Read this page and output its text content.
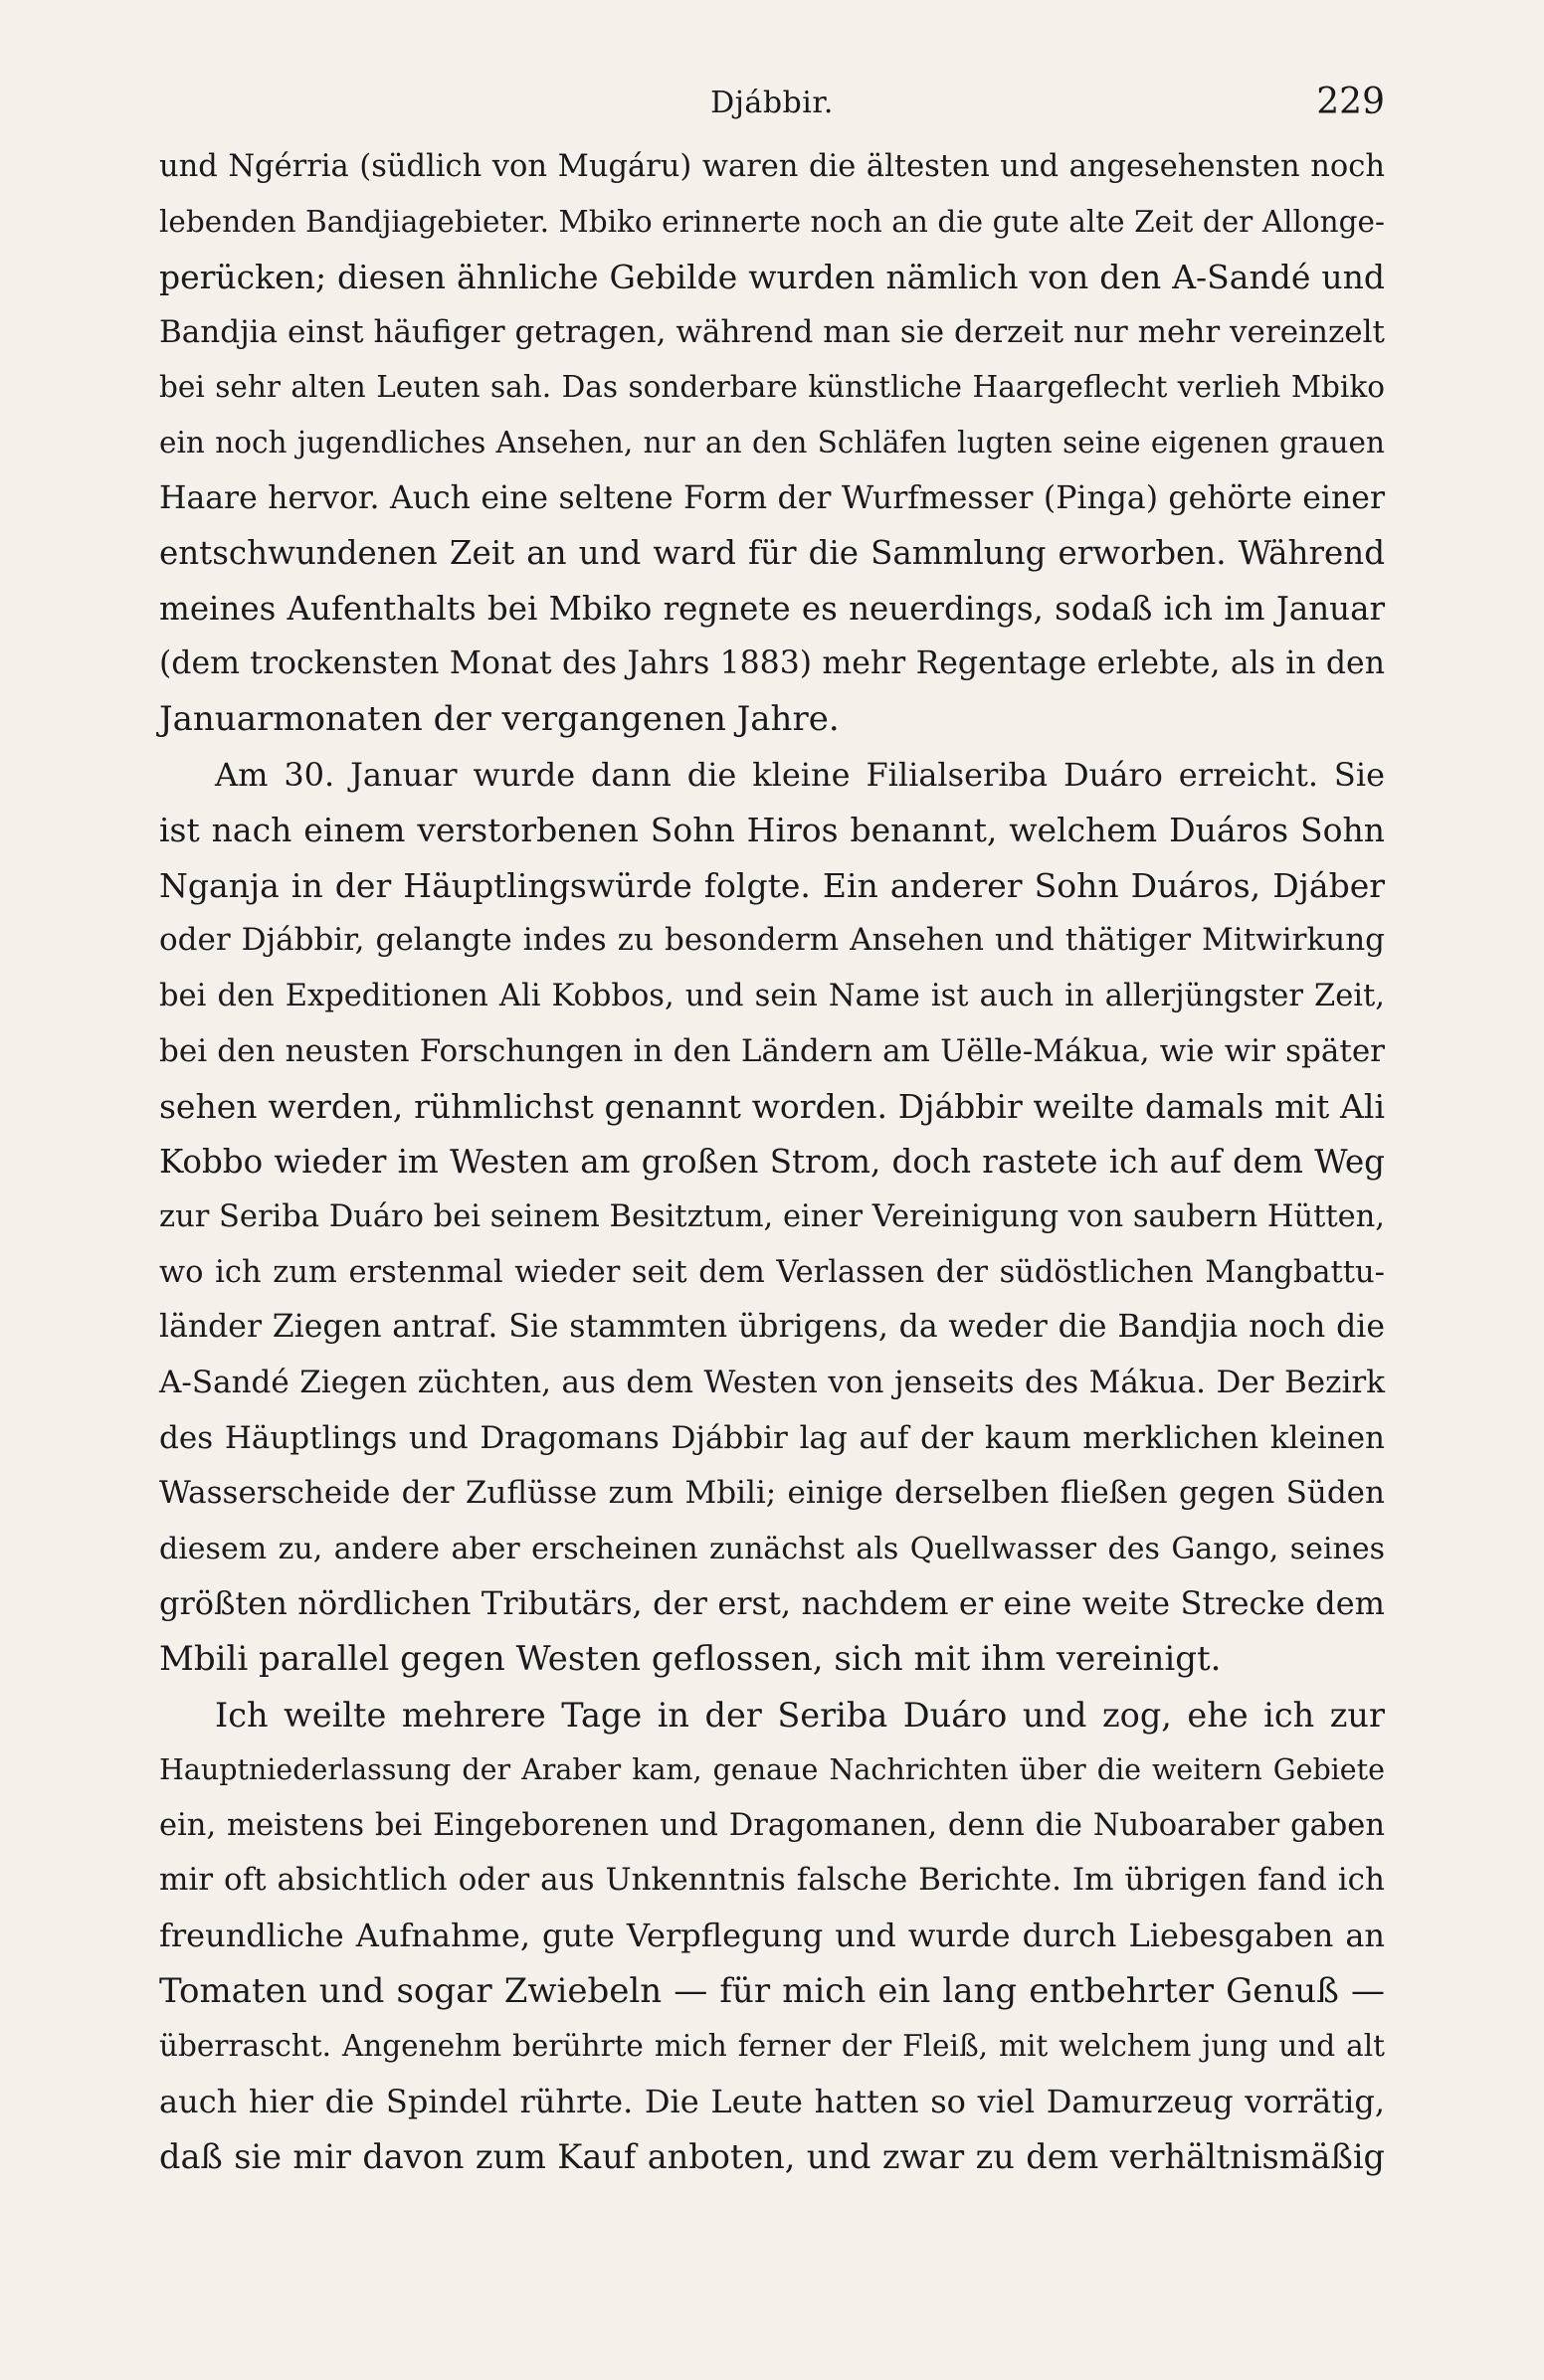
Djábbir.	229
und Ngérria (südlich von Mugáru) waren die ältesten und angesehensten noch
lebenden Bandjiagebieter. Mbiko erinnerte noch an die gute alte Zeit der Allonge-
perücken; diesen ähnliche Gebilde wurden nämlich von den A-Sandé und
Bandjia einst häufiger getragen, während man sie derzeit nur mehr vereinzelt
bei sehr alten Leuten sah. Das sonderbare künstliche Haargeflecht verlieh Mbiko
ein noch jugendliches Ansehen, nur an den Schläfen lugten seine eigenen grauen
Haare hervor. Auch eine seltene Form der Wurfmesser (Pinga) gehörte einer
entschwundenen Zeit an und ward für die Sammlung erworben. Während
meines Aufenthalts bei Mbiko regnete es neuerdings, sodaß ich im Januar
(dem trockensten Monat des Jahrs 1883) mehr Regentage erlebte, als in den
Januarmonaten der vergangenen Jahre.
Am 30. Januar wurde dann die kleine Filialseriba Duáro erreicht. Sie
ist nach einem verstorbenen Sohn Hiros benannt, welchem Duáros Sohn
Nganja in der Häuptlingswürde folgte. Ein anderer Sohn Duáros, Djáber
oder Djábbir, gelangte indes zu besonderm Ansehen und thätiger Mitwirkung
bei den Expeditionen Ali Kobbos, und sein Name ist auch in allerjüngster Zeit,
bei den neusten Forschungen in den Ländern am Uëlle-Mákua, wie wir später
sehen werden, rühmlichst genannt worden. Djábbir weilte damals mit Ali
Kobbo wieder im Westen am großen Strom, doch rastete ich auf dem Weg
zur Seriba Duáro bei seinem Besitztum, einer Vereinigung von saubern Hütten,
wo ich zum erstenmal wieder seit dem Verlassen der südöstlichen Mangbattu-
länder Ziegen antraf. Sie stammten übrigens, da weder die Bandjia noch die
A-Sandé Ziegen züchten, aus dem Westen von jenseits des Mákua. Der Bezirk
des Häuptlings und Dragomans Djábbir lag auf der kaum merklichen kleinen
Wasserscheide der Zuflüsse zum Mbili; einige derselben fließen gegen Süden
diesem zu, andere aber erscheinen zunächst als Quellwasser des Gango, seines
größten nördlichen Tributärs, der erst, nachdem er eine weite Strecke dem
Mbili parallel gegen Westen geflossen, sich mit ihm vereinigt.
Ich weilte mehrere Tage in der Seriba Duáro und zog, ehe ich zur
Hauptniederlassung der Araber kam, genaue Nachrichten über die weitern Gebiete
ein, meistens bei Eingeborenen und Dragomanen, denn die Nuboaraber gaben
mir oft absichtlich oder aus Unkenntnis falsche Berichte. Im übrigen fand ich
freundliche Aufnahme, gute Verpflegung und wurde durch Liebesgaben an
Tomaten und sogar Zwiebeln — für mich ein lang entbehrter Genuß —
überrascht. Angenehm berührte mich ferner der Fleiß, mit welchem jung und alt
auch hier die Spindel rührte. Die Leute hatten so viel Damurzeug vorrätig,
daß sie mir davon zum Kauf anboten, und zwar zu dem verhältnismäßig
